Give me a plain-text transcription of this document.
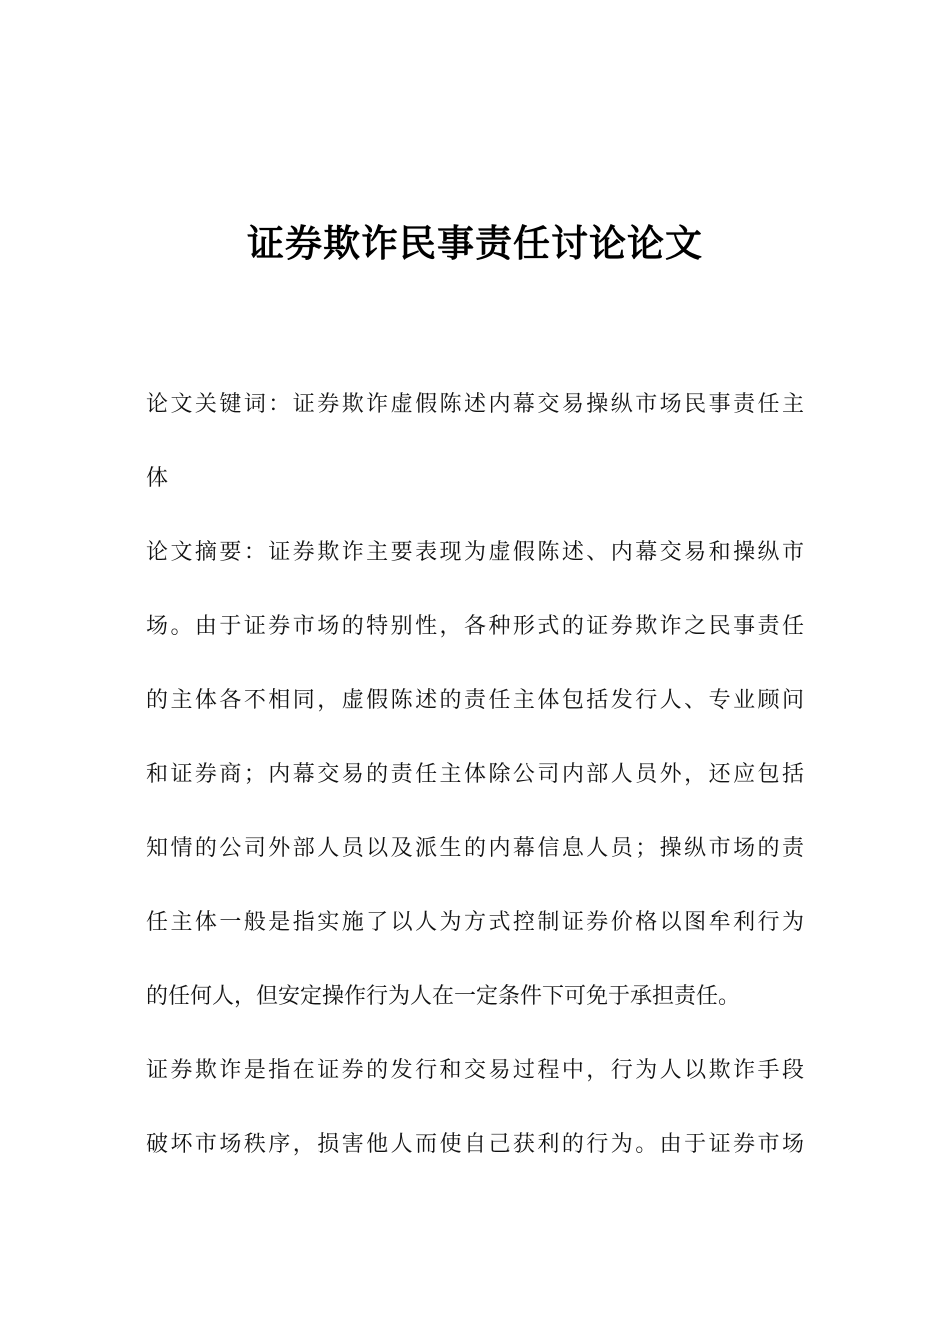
证券欺诈民事责任讨论论文
论文关键词：证券欺诈虚假陈述内幕交易操纵市场民事责任主
体
论文摘要：证券欺诈主要表现为虚假陈述、内幕交易和操纵市
场。由于证券市场的特别性，各种形式的证券欺诈之民事责任
的主体各不相同，虚假陈述的责任主体包括发行人、专业顾问
和证券商；内幕交易的责任主体除公司内部人员外，还应包括
知情的公司外部人员以及派生的内幕信息人员；操纵市场的责
任主体一般是指实施了以人为方式控制证券价格以图牟利行为
的任何人，但安定操作行为人在一定条件下可免于承担责任。
证券欺诈是指在证券的发行和交易过程中，行为人以欺诈手段
破坏市场秩序，损害他人而使自己获利的行为。由于证券市场
